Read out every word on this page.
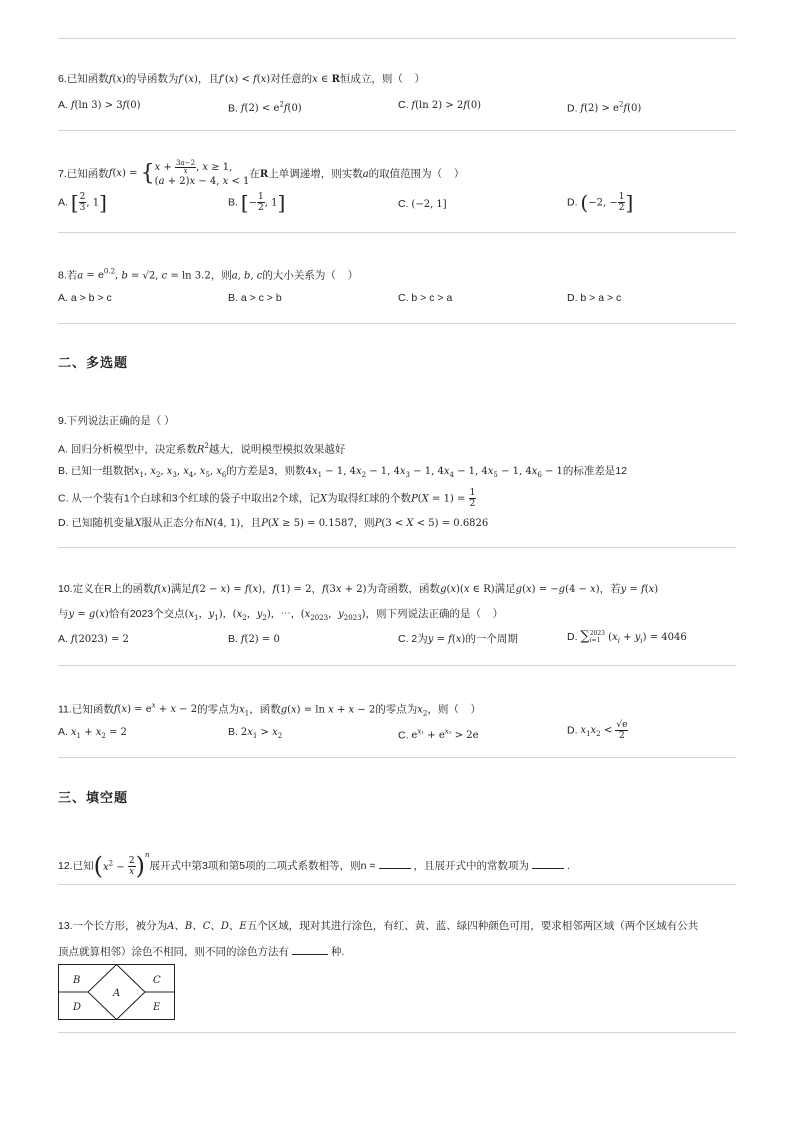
6.已知函数f(x)的导函数为f′(x)，且f′(x) < f(x)对任意的x ∈ R恒成立，则（    ）
A. f(ln 3) > 3f(0)	B. $f(2) < e^2f(0)$	C. f(ln 2) > 2f(0)	D. $f(2) > e^2f(0)$
7.已知函数f(x) = { $x + \frac{3a-2}{x}$ , x ≥ 1,
(a + 2)x − 4, x < 1
在R上单调递增，则实数a的取值范围为（    ）
A. [ $\frac{2}{3}$ , 1]	B. [− $\frac{1}{2}$ , 1]	C. (−2, 1]	D. (−2, − $\frac{1}{2}$ ]
8.若$a = e^{0.2}$, b = √2, c = ln 3.2，则a, b, c的大小关系为（    ）
A. a > b > c	B. a > c > b	C. b > c > a	D. b > a > c
二、多选题
9.下列说法正确的是（ ）
A. 回归分析模型中，决定系数$R^2$越大，说明模型模拟效果越好
B. 已知一组数据$x_1$, $x_2$, $x_3$, $x_4$, $x_5$, $x_6$的方差是3，则数$4x_1 - 1$, $4x_2 - 1$, $4x_3 - 1$, $4x_4 - 1$, $4x_5 - 1$, $4x_6 - 1$的标准差是12
C. 从一个装有1个白球和3个红球的袋子中取出2个球，记X为取得红球的个数$P(X = 1) = \frac{1}{2}$
D. 已知随机变量X服从正态分布N(4, 1)，且P(X ≥ 5) = 0.1587，则P(3 < X < 5) = 0.6826
10.定义在R上的函数f(x)满足f(2 − x) = f(x)，f(1) = 2，f(3x + 2)为奇函数，函数g(x)(x ∈ R)满足g(x) = −g(4 − x)，若y = f(x)
与y = g(x)恰有2023个交点($x_1$，$y_1$)，($x_2$，$y_2$)，⋯，($x_{2023}$，$y_{2023}$)，则下列说法正确的是（    ）
A. f(2023) = 2	B. f(2) = 0	C. 2为y = f(x)的一个周期	D. ∑ 2023
i=1 $(x_i + y_i) = 4046$
11.已知函数$f(x) = e^x + x - 2$的零点为$x_1$，函数g(x) = ln x + x − 2的零点为$x_2$，则（    ）
A. $x_1 + x_2 = 2$	B. $2x_1 > x_2$	C. $e^{x_1} + e^{x_2} > 2e$	D. $x_1x_2 < \frac{√e}{2}$
三、填空题
12.已知$(x^2 - \frac{2}{x} )^n$展开式中第3项和第5项的二项式系数相等，则n =	，且展开式中的常数项为	.
13.一个长方形，被分为A、B、C、D、E五个区域，现对其进行涂色，有红、黄、蓝、绿四种颜色可用，要求相邻两区域（两个区域有公共
顶点就算相邻）涂色不相同，则不同的涂色方法有	种.
A
B	C
D	E
